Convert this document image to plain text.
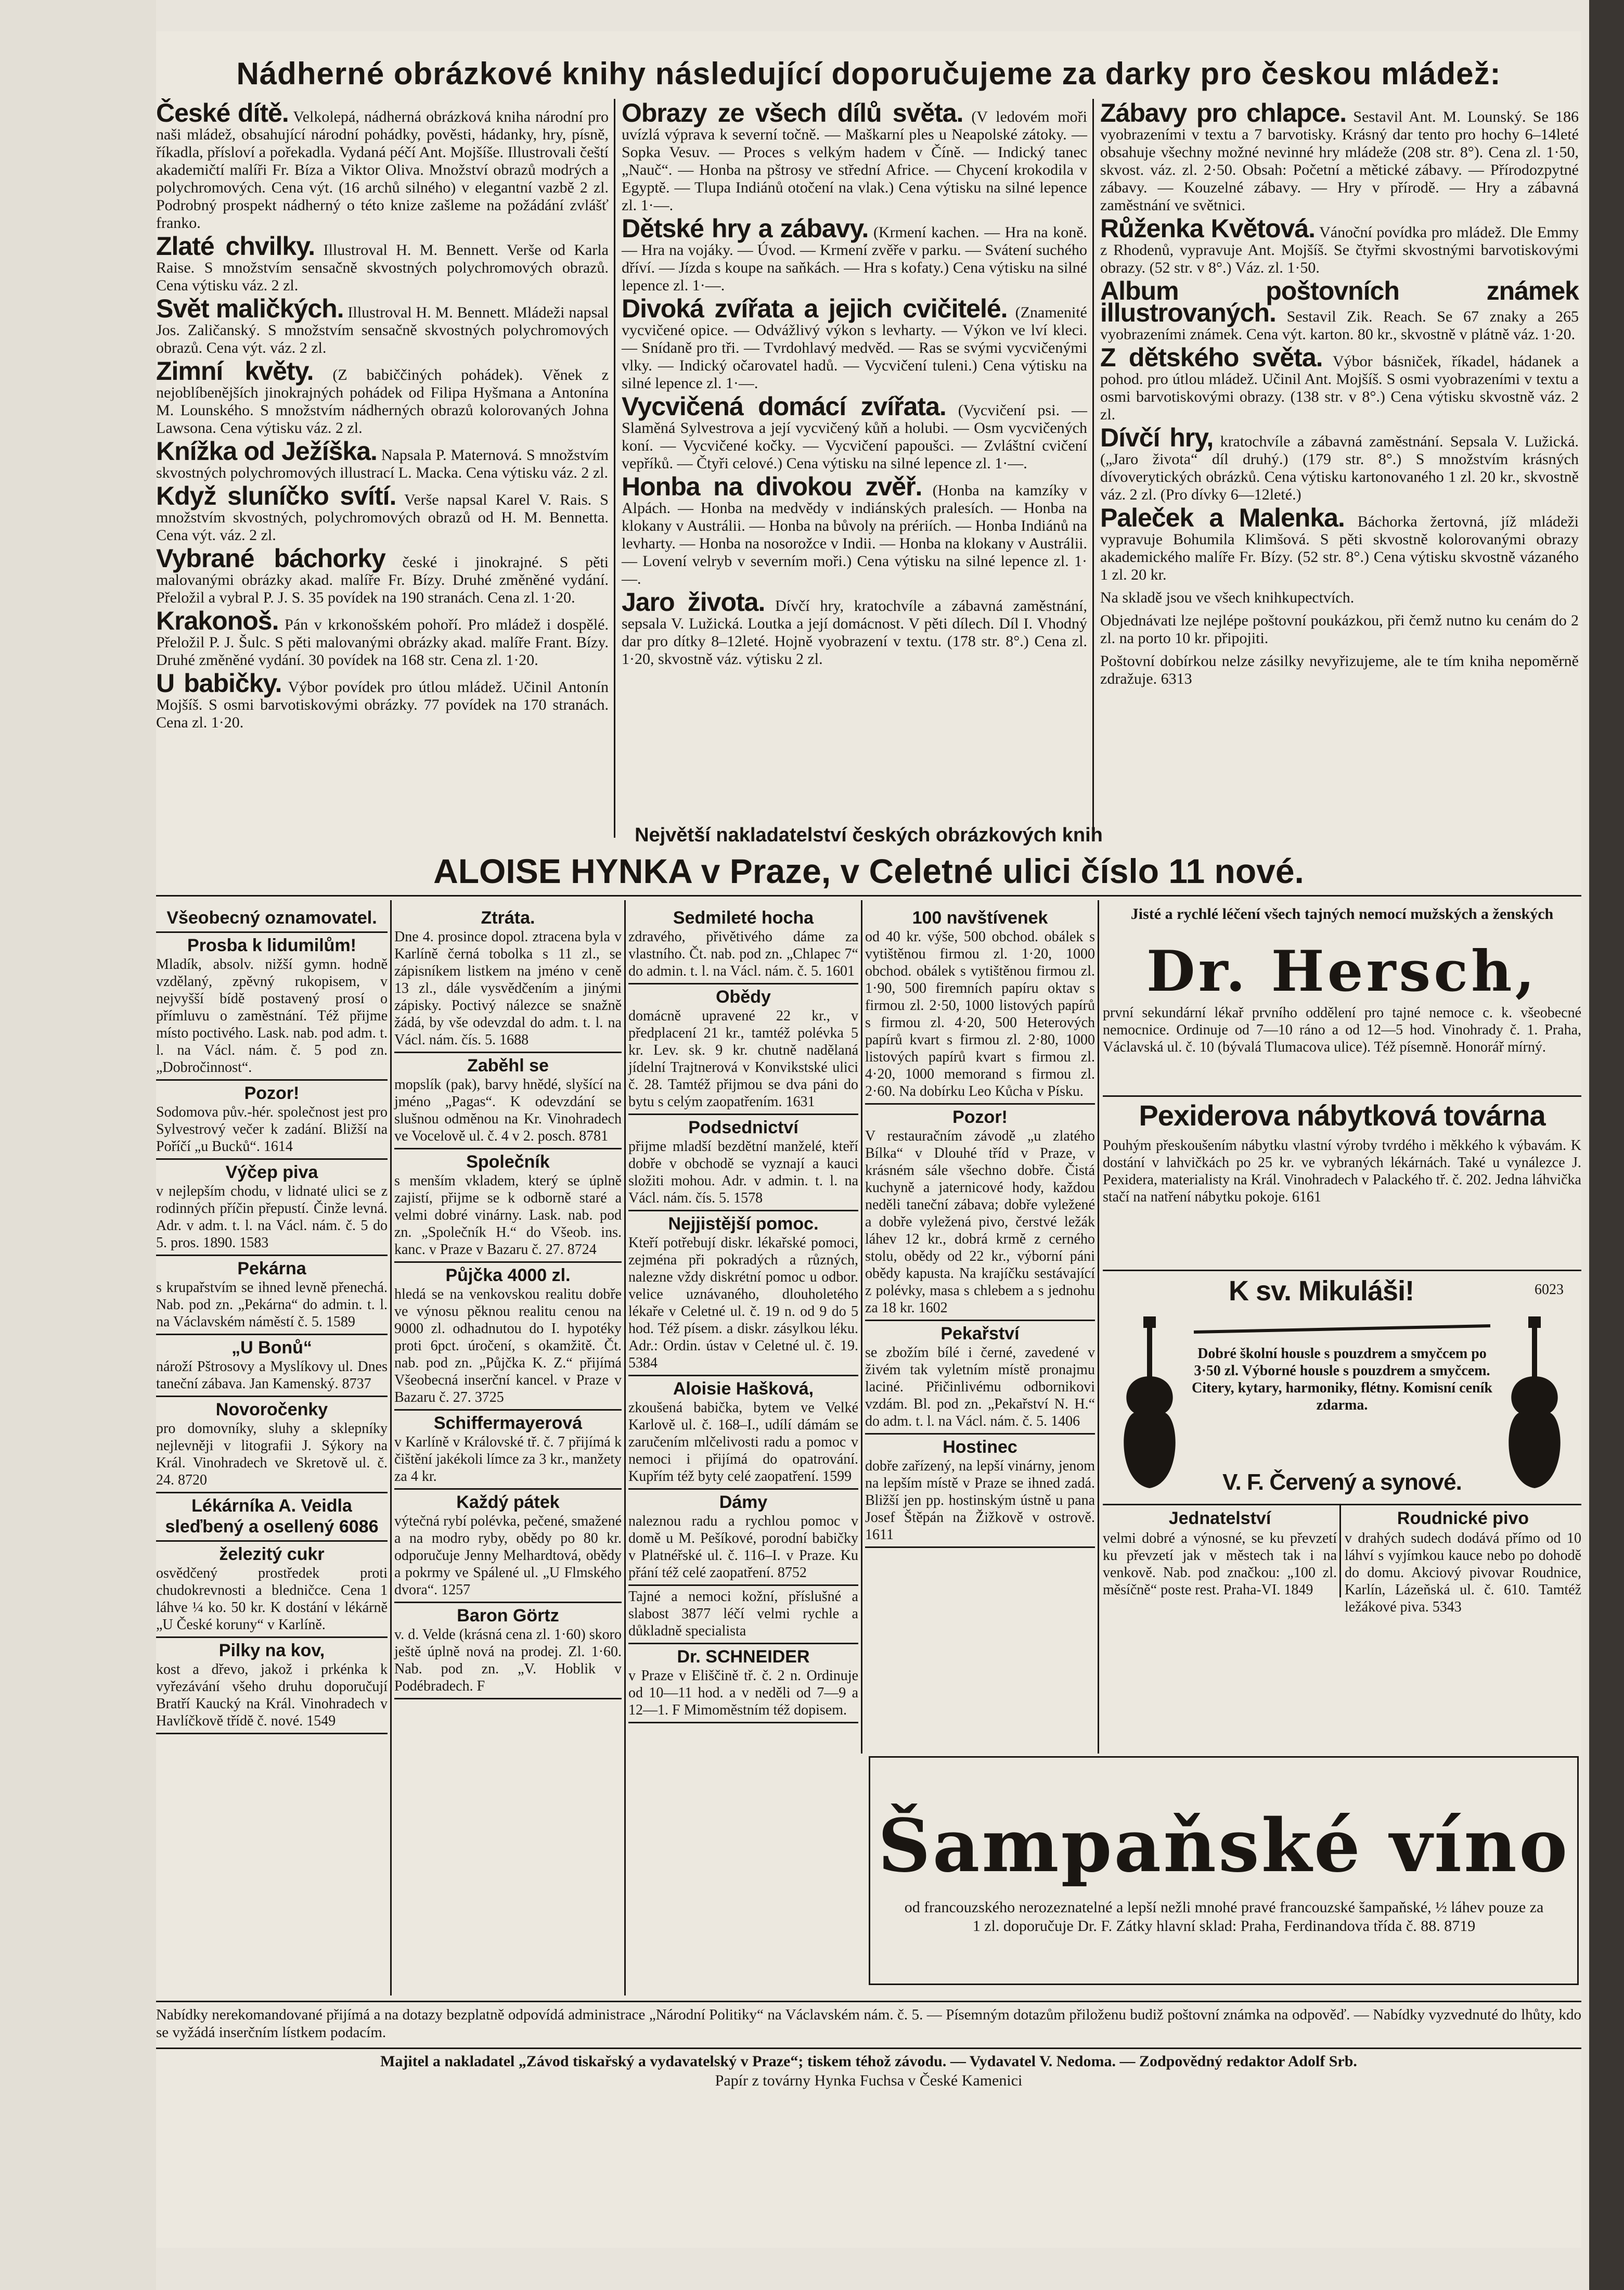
Nádherné obrázkové knihy následující doporučujeme za darky pro českou mládež:

České dítě. Velkolepá, nádherná obrázková kniha národní pro naši mládež, obsahující národní pohádky, pověsti, hádanky, hry, písně, říkadla, přísloví a pořekadla. Vydaná péčí Ant. Mojšíše. Illustrovali čeští akademičtí malíři Fr. Bíza a Viktor Oliva. Množství obrazů modrých a polychromových. Cena výt. (16 archů silného) v elegantní vazbě 2 zl. Podrobný prospekt nádherný o této knize zašleme na požádání zvlášť franko.

Zlaté chvilky. Illustroval H. M. Bennett. Verše od Karla Raise. S množstvím sensačně skvostných polychromových obrazů. Cena výtisku váz. 2 zl.

Svět maličkých. Illustroval H. M. Bennett. Mládeži napsal Jos. Zaličanský. S množstvím sensačně skvostných polychromových obrazů. Cena výt. váz. 2 zl.

Zimní květy. (Z babiččiných pohádek). Věnek z nejoblíbenějších jinokrajných pohádek od Filipa Hyšmana a Antonína M. Lounského. S množstvím nádherných obrazů kolorovaných Johna Lawsona. Cena výtisku váz. 2 zl.

Knížka od Ježíška. Napsala P. Maternová. S množstvím skvostných polychromových illustrací L. Macka. Cena výtisku váz. 2 zl.

Když sluníčko svítí. Verše napsal Karel V. Rais. S množstvím skvostných, polychromových obrazů od H. M. Bennetta. Cena výt. váz. 2 zl.

Vybrané báchorky české i jinokrajné. S pěti malovanými obrázky akad. malíře Fr. Bízy. Druhé změněné vydání. Přeložil a vybral P. J. S. 35 povídek na 190 stranách. Cena zl. 1·20.

Krakonoš. Pán v krkonošském pohoří. Pro mládež i dospělé. Přeložil P. J. Šulc. S pěti malovanými obrázky akad. malíře Frant. Bízy. Druhé změněné vydání. 30 povídek na 168 str. Cena zl. 1·20.

U babičky. Výbor povídek pro útlou mládež. Učinil Antonín Mojšíš. S osmi barvotiskovými obrázky. 77 povídek na 170 stranách. Cena zl. 1·20.

Obrazy ze všech dílů světa. (V ledovém moři uvízlá výprava k severní točně. — Maškarní ples u Neapolské zátoky. — Sopka Vesuv. — Proces s velkým hadem v Číně. — Indický tanec „Nauč“. — Honba na pštrosy ve střední Africe. — Chycení krokodila v Egyptě. — Tlupa Indiánů otočení na vlak.) Cena výtisku na silné lepence zl. 1·—.

Dětské hry a zábavy. (Krmení kachen. — Hra na koně. — Hra na vojáky. — Úvod. — Krmení zvěře v parku. — Svátení suchého dříví. — Jízda s koupe na saňkách. — Hra s kofaty.) Cena výtisku na silné lepence zl. 1·—.

Divoká zvířata a jejich cvičitelé. (Znamenité vycvičené opice. — Odvážlivý výkon s levharty. — Výkon ve lví kleci. — Snídaně pro tři. — Tvrdohlavý medvěd. — Ras se svými vycvičenými vlky. — Indický očarovatel hadů. — Vycvičení tuleni.) Cena výtisku na silné lepence zl. 1·—.

Vycvičená domácí zvířata. (Vycvičení psi. — Slaměná Sylvestrova a její vycvičený kůň a holubi. — Osm vycvičených koní. — Vycvičené kočky. — Vycvičení papoušci. — Zvláštní cvičení vepříků. — Čtyři celové.) Cena výtisku na silné lepence zl. 1·—.

Honba na divokou zvěř. (Honba na kamzíky v Alpách. — Honba na medvědy v indiánských pralesích. — Honba na klokany v Austrálii. — Honba na bůvoly na prériích. — Honba Indiánů na levharty. — Honba na nosorožce v Indii. — Honba na klokany v Austrálii. — Lovení velryb v severním moři.) Cena výtisku na silné lepence zl. 1·—.

Jaro života. Dívčí hry, kratochvíle a zábavná zaměstnání, sepsala V. Lužická. Loutka a její domácnost. V pěti dílech. Díl I. Vhodný dar pro dítky 8–12leté. Hojně vyobrazení v textu. (178 str. 8°.) Cena zl. 1·20, skvostně váz. výtisku 2 zl.

Zábavy pro chlapce. Sestavil Ant. M. Lounský. Se 186 vyobrazeními v textu a 7 barvotisky. Krásný dar tento pro hochy 6–14leté obsahuje všechny možné nevinné hry mládeže (208 str. 8°). Cena zl. 1·50, skvost. váz. zl. 2·50. Obsah: Početní a mětické zábavy. — Přírodozpytné zábavy. — Kouzelné zábavy. — Hry v přírodě. — Hry a zábavná zaměstnání ve světnici.

Růženka Květová. Vánoční povídka pro mládež. Dle Emmy z Rhodenů, vypravuje Ant. Mojšíš. Se čtyřmi skvostnými barvotiskovými obrazy. (52 str. v 8°.) Váz. zl. 1·50.

Album poštovních známek illustrovaných. Sestavil Zik. Reach. Se 67 znaky a 265 vyobrazeními známek. Cena výt. karton. 80 kr., skvostně v plátně váz. 1·20.

Z dětského světa. Výbor básniček, říkadel, hádanek a pohod. pro útlou mládež. Učinil Ant. Mojšíš. S osmi vyobrazeními v textu a osmi barvotiskovými obrazy. (138 str. v 8°.) Cena výtisku skvostně váz. 2 zl.

Dívčí hry, kratochvíle a zábavná zaměstnání. Sepsala V. Lužická. („Jaro života“ díl druhý.) (179 str. 8°.) S množstvím krásných dívoverytických obrázků. Cena výtisku kartonovaného 1 zl. 20 kr., skvostně váz. 2 zl. (Pro dívky 6—12leté.)

Paleček a Malenka. Báchorka žertovná, jíž mládeži vypravuje Bohumila Klimšová. S pěti skvostně kolorovanými obrazy akademického malíře Fr. Bízy. (52 str. 8°.) Cena výtisku skvostně vázaného 1 zl. 20 kr.

Na skladě jsou ve všech knihkupectvích.

Objednávati lze nejlépe poštovní poukázkou, při čemž nutno ku cenám do 2 zl. na porto 10 kr. připojiti.

Poštovní dobírkou nelze zásilky nevyřizujeme, ale te tím kniha nepoměrně zdražuje. 6313

Největší nakladatelství českých obrázkových knih
ALOISE HYNKA v Praze, v Celetné ulici číslo 11 nové.
Všeobecný oznamovatel.
Prosba k lidumilům!
Mladík, absolv. nižší gymn. hodně vzdělaný, zpěvný rukopisem, v nejvyšší bídě postavený prosí o přímluvu o zaměstnání. Též přijme místo poctivého. Lask. nab. pod adm. t. l. na Václ. nám. č. 5 pod zn. „Dobročinnost“.
Pozor!
Sodomova pův.-hér. společnost jest pro Sylvestrový večer k zadání. Bližší na Poříčí „u Bucků“. 1614
Výčep piva
v nejlepším chodu, v lidnaté ulici se z rodinných příčin přepustí. Činže levná. Adr. v adm. t. l. na Václ. nám. č. 5 do 5. pros. 1890. 1583
Pekárna
s krupařstvím se ihned levně přenechá. Nab. pod zn. „Pekárna“ do admin. t. l. na Václavském náměstí č. 5. 1589
„U Bonů“
nároží Pštrosovy a Myslíkovy ul. Dnes taneční zábava. Jan Kamenský. 8737
Novoročenky
pro domovníky, sluhy a sklepníky nejlevněji v litografii J. Sýkory na Král. Vinohradech ve Skretově ul. č. 24. 8720
Lékárníka A. Veidla sleďbený a osellený 6086
železitý cukr
osvědčený prostředek proti chudokrevnosti a bledničce. Cena 1 láhve ¼ ko. 50 kr. K dostání v lékárně „U České koruny“ v Karlíně.
Pilky na kov,
kost a dřevo, jakož i prkénka k vyřezávání všeho druhu doporučují Bratří Kaucký na Král. Vinohradech v Havlíčkově třídě č. nové. 1549
Ztráta.
Dne 4. prosince dopol. ztracena byla v Karlíně černá tobolka s 11 zl., se zápisníkem listkem na jméno v ceně 13 zl., dále vysvědčením a jinými zápisky. Poctivý nálezce se snažně žádá, by vše odevzdal do adm. t. l. na Václ. nám. čís. 5. 1688
Zaběhl se
mopslík (pak), barvy hnědé, slyšící na jméno „Pagas“. K odevzdání se slušnou odměnou na Kr. Vinohradech ve Vocelově ul. č. 4 v 2. posch. 8781
Společník
s menším vkladem, který se úplně zajistí, přijme se k odborně staré a velmi dobré vinárny. Lask. nab. pod zn. „Společník H.“ do Všeob. ins. kanc. v Praze v Bazaru č. 27. 8724
Půjčka 4000 zl.
hledá se na venkovskou realitu dobře ve výnosu pěknou realitu cenou na 9000 zl. odhadnutou do I. hypotéky proti 6pct. úročení, s okamžitě. Čt. nab. pod zn. „Půjčka K. Z.“ přijímá Všeobecná inserční kancel. v Praze v Bazaru č. 27. 3725
Schiffermayerová
v Karlíně v Královské tř. č. 7 přijímá k čištění jakékoli límce za 3 kr., manžety za 4 kr.
Každý pátek
výtečná rybí polévka, pečené, smažené a na modro ryby, obědy po 80 kr. odporučuje Jenny Melhardtová, obědy a pokrmy ve Spálené ul. „U Flmského dvora“. 1257
Baron Görtz
v. d. Velde (krásná cena zl. 1·60) skoro ještě úplně nová na prodej. Zl. 1·60. Nab. pod zn. „V. Hoblik v Podébradech. F
Sedmileté hocha
zdravého, přivětivého dáme za vlastního. Čt. nab. pod zn. „Chlapec 7“ do admin. t. l. na Václ. nám. č. 5. 1601
Obědy
domácně upravené 22 kr., v předplacení 21 kr., tamtéž polévka 5 kr. Lev. sk. 9 kr. chutně nadělaná jídelní Trajtnerová v Konvikstské ulici č. 28. Tamtéž přijmou se dva páni do bytu s celým zaopatřením. 1631
Podsednictví
přijme mladší bezdětní manželé, kteří dobře v obchodě se vyznají a kauci složiti mohou. Adr. v admin. t. l. na Václ. nám. čís. 5. 1578
Nejjistější pomoc.
Kteří potřebují diskr. lékařské pomoci, zejména při pokradých a různých, nalezne vždy diskrétní pomoc u odbor. velice uznávaného, dlouholetého lékaře v Celetné ul. č. 19 n. od 9 do 5 hod. Též písem. a diskr. zásylkou léku. Adr.: Ordin. ústav v Celetné ul. č. 19. 5384
Aloisie Hašková,
zkoušená babička, bytem ve Velké Karlově ul. č. 168–I., udílí dámám se zaručením mlčelivosti radu a pomoc v nemoci i přijímá do opatrování. Kupřím též byty celé zaopatření. 1599
Dámy
naleznou radu a rychlou pomoc v domě u M. Pešíkové, porodní babičky v Platnéřské ul. č. 116–I. v Praze. Ku přání též celé zaopatření. 8752
Tajné a nemoci kožní, příslušné a slabost 3877 léčí velmi rychle a důkladně specialista
Dr. SCHNEIDER
v Praze v Eliščině tř. č. 2 n. Ordinuje od 10—11 hod. a v neděli od 7—9 a 12—1. F Mimoměstním též dopisem.
100 navštívenek
od 40 kr. výše, 500 obchod. obálek s vytištěnou firmou zl. 1·20, 1000 obchod. obálek s vytištěnou firmou zl. 1·90, 500 firemních papíru oktav s firmou zl. 2·50, 1000 listových papírů s firmou zl. 4·20, 500 Heterových papírů kvart s firmou zl. 2·80, 1000 listových papírů kvart s firmou zl. 4·20, 1000 memorand s firmou zl. 2·60. Na dobírku Leo Kůcha v Písku.
Pozor!
V restauračním závodě „u zlatého Bílka“ v Dlouhé tříd v Praze, v krásném sále všechno dobře. Čistá kuchyně a jaternicové hody, každou neděli taneční zábava; dobře vyležené a dobře vyležená pivo, čerstvé ležák láhev 12 kr., dobrá krmě z cerného stolu, obědy od 22 kr., výborní páni obědy kapusta. Na krajíčku sestávající z polévky, masa s chlebem a s jednohu za 18 kr. 1602
Pekařství
se zbožím bílé i černé, zavedené v živém tak vyletním místě pronajmu laciné. Přičinlivému odbornikovi vzdám. Bl. pod zn. „Pekařství N. H.“ do adm. t. l. na Václ. nám. č. 5. 1406
Hostinec
dobře zařízený, na lepší vinárny, jenom na lepším místě v Praze se ihned zadá. Bližší jen pp. hostinským ústně u pana Josef Štěpán na Žižkově v ostrově. 1611
Jisté a rychlé léčení všech tajných nemocí mužských a ženských
Dr. Hersch,
první sekundární lékař prvního oddělení pro tajné nemoce c. k. všeobecné nemocnice. Ordinuje od 7—10 ráno a od 12—5 hod. Vinohrady č. 1. Praha, Václavská ul. č. 10 (bývalá Tlumacova ulice). Též písemně. Honorář mírný.
Pexiderova nábytková továrna
Pouhým přeskoušením nábytku vlastní výroby tvrdého i měkkého k výbavám. K dostání v lahvičkách po 25 kr. ve vybraných lékárnách. Také u vynálezce J. Pexidera, materialisty na Král. Vinohradech v Palackého tř. č. 202. Jedna láhvička stačí na natření nábytku pokoje. 6161
K sv. Mikuláši!	6023
Dobré školní housle s pouzdrem a smyčcem po 3·50 zl. Výborné housle s pouzdrem a smyčcem. Citery, kytary, harmoniky, flétny. Komisní ceník zdarma.
V. F. Červený a synové.
Jednatelství
velmi dobré a výnosné, se ku převzetí ku převzetí jak v městech tak i na venkově. Nab. pod značkou: „100 zl. měsíčně“ poste rest. Praha-VI. 1849
Roudnické pivo
v drahých sudech dodává přímo od 10 láhví s vyjímkou kauce nebo po dohodě do domu. Akciový pivovar Roudnice, Karlín, Lázeňská ul. č. 610. Tamtéž ležákové piva. 5343
Šampaňské víno
od francouzského nerozeznatelné a lepší nežli mnohé pravé francouzské šampaňské, ½ láhev pouze za 1 zl. doporučuje Dr. F. Zátky hlavní sklad: Praha, Ferdinandova třída č. 88. 8719
Nabídky nerekomandované přijímá a na dotazy bezplatně odpovídá administrace „Národní Politiky“ na Václavském nám. č. 5. — Písemným dotazům přiloženu budiž poštovní známka na odpověď. — Nabídky vyzvednuté do lhůty, kdo se vyžádá inserčním lístkem podacím.
Majitel a nakladatel „Závod tiskařský a vydavatelský v Praze“; tiskem téhož závodu. — Vydavatel V. Nedoma. — Zodpovědný redaktor Adolf Srb.
Papír z továrny Hynka Fuchsa v České Kamenici
